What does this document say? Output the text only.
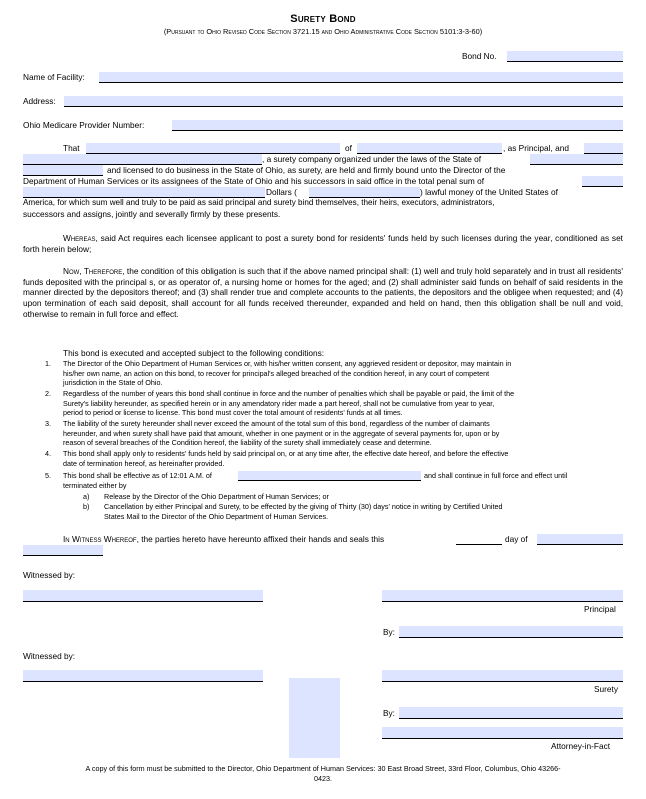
Surety Bond
(Pursuant to Ohio Revised Code Section 3721.15 and Ohio Administrative Code Section 5101:3-3-60)
Bond No.
Name of Facility:
Address:
Ohio Medicare Provider Number:
That	of	, as Principal, and
, a surety company organized under the laws of the State of
and licensed to do business in the State of Ohio, as surety, are held and firmly bound unto the Director of the
Department of Human Services or its assignees of the State of Ohio and his successors in said office in the total penal sum of
Dollars (	) lawful money of the United States of
America, for which sum well and truly to be paid as said principal and surety bind themselves, their heirs, executors, administrators,
successors and assigns, jointly and severally firmly by these presents.
Whereas, said Act requires each licensee applicant to post a surety bond for residents' funds held by such licenses during the year, conditioned as set forth herein below;
Now, Therefore, the condition of this obligation is such that if the above named principal shall: (1) well and truly hold separately and in trust all residents' funds deposited with the principal s, or as operator of, a nursing home or homes for the aged; and (2) shall administer said funds on behalf of said residents in the manner directed by the depositors thereof; and (3) shall render true and complete accounts to the patients, the depositors and the obligee when requested; and (4) upon termination of each said deposit, shall account for all funds received thereunder, expanded and held on hand, then this obligation shall be null and void, otherwise to remain in full force and effect.
This bond is executed and accepted subject to the following conditions:
1. The Director of the Ohio Department of Human Services or, with his/her written consent, any aggrieved resident or depositor, may maintain in
his/her own name, an action on this bond, to recover for principal's alleged breached of the condition hereof, in any court of competent
jurisdiction in the State of Ohio.
2. Regardless of the number of years this bond shall continue in force and the number of penalties which shall be payable or paid, the limit of the
Surety's liability hereunder, as specified herein or in any amendatory rider made a part hereof, shall not be cumulative from year to year,
period to period or license to license. This bond must cover the total amount of residents' funds at all times.
3. The liability of the surety hereunder shall never exceed the amount of the total sum of this bond, regardless of the number of claimants
hereunder, and when surety shall have paid that amount, whether in one payment or in the aggregate of several payments for, upon or by
reason of several breaches of the Condition hereof, the liability of the surety shall immediately cease and determine.
4. This bond shall apply only to residents' funds held by said principal on, or at any time after, the effective date hereof, and before the effective
date of termination hereof, as hereinafter provided.
5. This bond shall be effective as of 12:01 A.M. of	and shall continue in full force and effect until
terminated either by
a) Release by the Director of the Ohio Department of Human Services; or
b) Cancellation by either Principal and Surety, to be effected by the giving of Thirty (30) days' notice in writing by Certified United
States Mail to the Director of the Ohio Department of Human Services.
In Witness Whereof, the parties hereto have hereunto affixed their hands and seals this	day of
Witnessed by:
Principal
By:
Witnessed by:
Surety
By:
Attorney-in-Fact
A copy of this form must be submitted to the Director, Ohio Department of Human Services: 30 East Broad Street, 33rd Floor, Columbus, Ohio 43266-
0423.
